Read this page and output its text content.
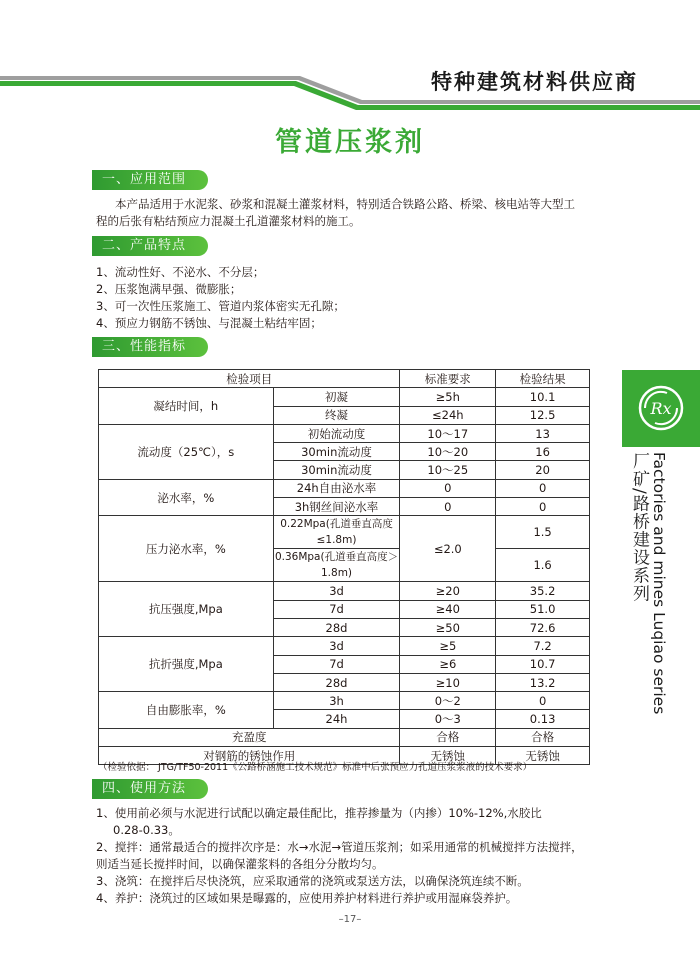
特种建筑材料供应商
管道压浆剂
一、应用范围
本产品适用于水泥浆、砂浆和混凝土灌浆材料，特别适合铁路公路、桥梁、核电站等大型工
程的后张有粘结预应力混凝土孔道灌浆材料的施工。
二、产品特点
1、流动性好、不泌水、不分层；
2、压浆饱满早强、微膨胀；
3、可一次性压浆施工、管道内浆体密实无孔隙；
4、预应力钢筋不锈蚀、与混凝土粘结牢固；
三、性能指标
检验项目		标准要求	检验结果
凝结时间，h	初凝	≥5h	10.1
	终凝	≤24h	12.5
流动度（25℃），s	初始流动度	10～17	13
	30min流动度	10～20	16
	30min流动度	10～25	20
泌水率，%	24h自由泌水率	0	0
	3h钢丝间泌水率	0	0
压力泌水率，%	0.22Mpa(孔道垂直高度≤1.8m)	≤2.0	1.5
	0.36Mpa(孔道垂直高度＞1.8m)		1.6
抗压强度,Mpa	3d	≥20	35.2
	7d	≥40	51.0
	28d	≥50	72.6
抗折强度,Mpa	3d	≥5	7.2
	7d	≥6	10.7
	28d	≥10	13.2
自由膨胀率，%	3h	0～2	0
	24h	0～3	0.13
充盈度		合格	合格
对钢筋的锈蚀作用		无锈蚀	无锈蚀
（检验依据： JTG/TF50-2011《公路桥涵施工技术规范》标准中后张预应力孔道压浆浆液的技术要求）
四、使用方法
1、使用前必须与水泥进行试配以确定最佳配比，推荐掺量为（内掺）10%-12%,水胶比
0.28-0.33。
2、搅拌：通常最适合的搅拌次序是：水→水泥→管道压浆剂；如采用通常的机械搅拌方法搅拌，
则适当延长搅拌时间，以确保灌浆料的各组分分散均匀。
3、浇筑：在搅拌后尽快浇筑，应采取通常的浇筑或泵送方法，以确保浇筑连续不断。
4、养护：浇筑过的区域如果是曝露的，应使用养护材料进行养护或用湿麻袋养护。
–17–
Rx
厂矿/路桥建设系列 Factories and mines Luqiao series
